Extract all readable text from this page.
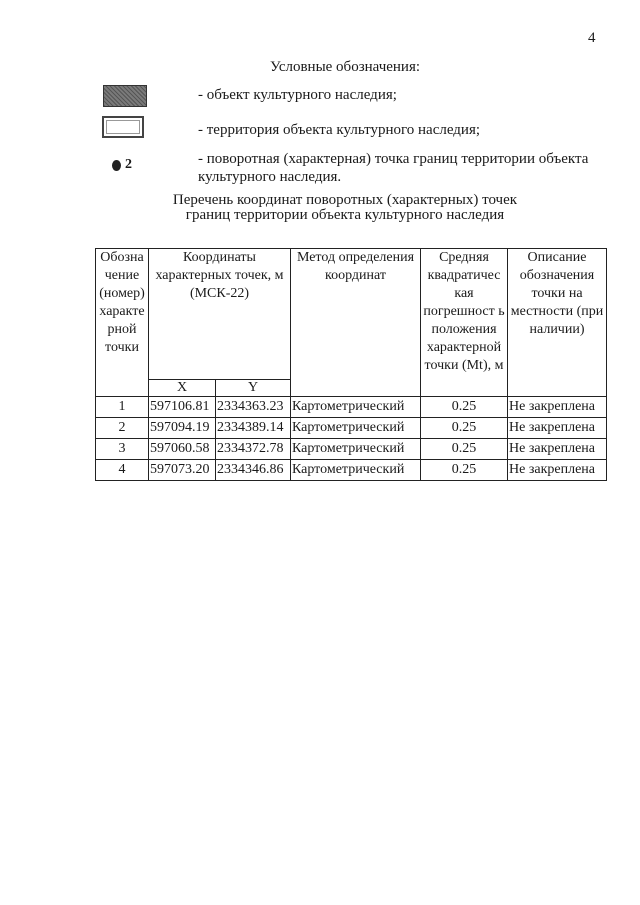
4
Условные обозначения:
- объект культурного наследия;
- территория объекта культурного наследия;
2	- поворотная (характерная) точка границ территории объекта культурного наследия.
Перечень координат поворотных (характерных) точек
границ территории объекта культурного наследия
Обозна чение (номер) характе рной точки	Координаты характерных точек, м (МСК-22)		Метод определения координат	Средняя квадратичес кая погрешност ь положения характерной точки (Mt), м	Описание обозначения точки на местности (при наличии)
	X	Y			
1	597106.81	2334363.23	Картометрический	0.25	Не закреплена
2	597094.19	2334389.14	Картометрический	0.25	Не закреплена
3	597060.58	2334372.78	Картометрический	0.25	Не закреплена
4	597073.20	2334346.86	Картометрический	0.25	Не закреплена
